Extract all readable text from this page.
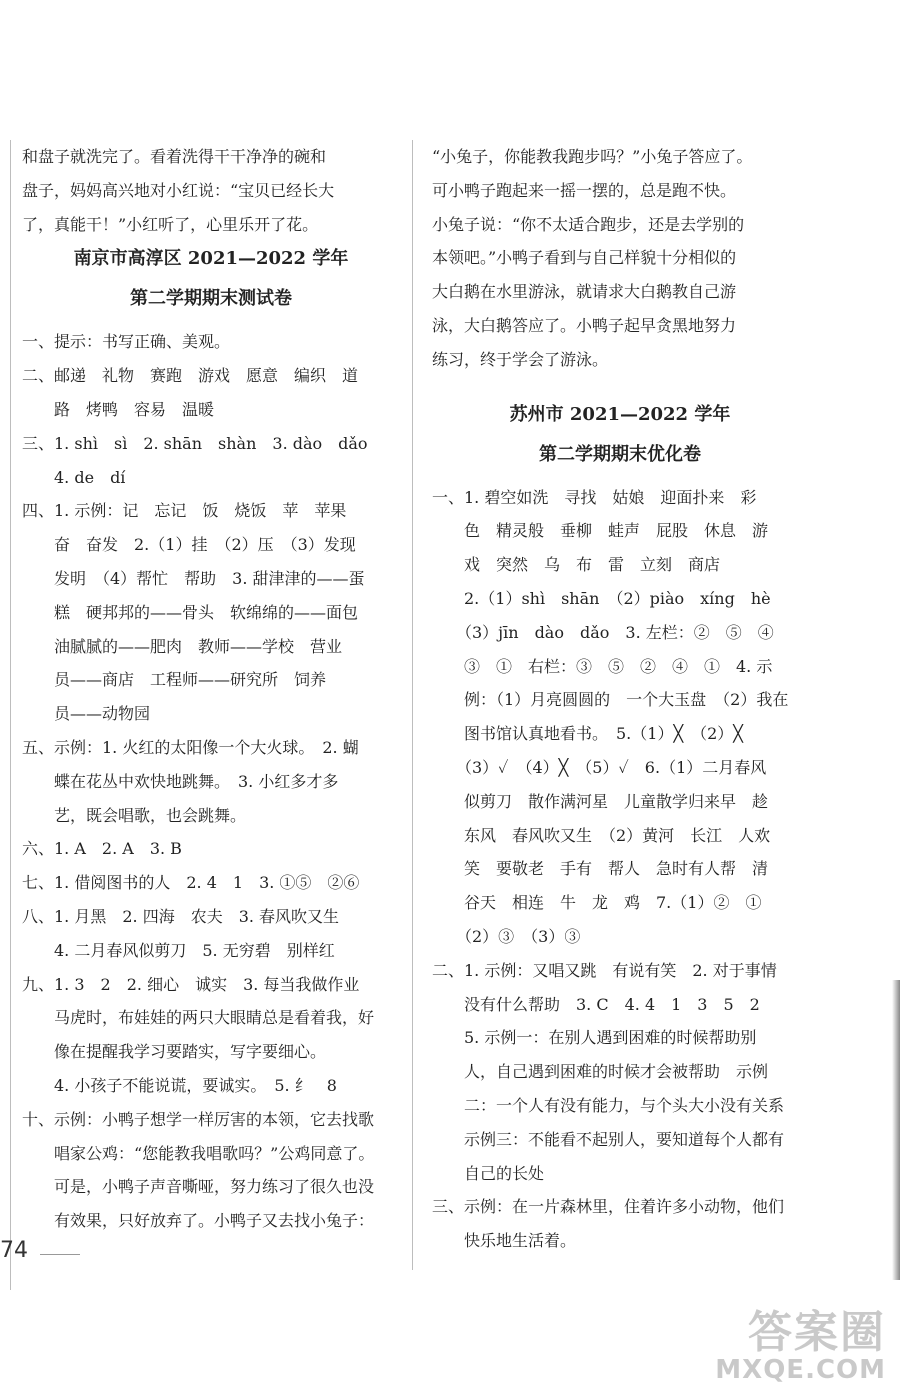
和盘子就洗完了。看着洗得干干净净的碗和
盘子，妈妈高兴地对小红说：“宝贝已经长大
了，真能干！”小红听了，心里乐开了花。
南京市高淳区 2021—2022 学年
第二学期期末测试卷
一、提示：书写正确、美观。
二、邮递　礼物　赛跑　游戏　愿意　编织　道
　　路　烤鸭　容易　温暖
三、1. shì　sì　2. shān　shàn　3. dào　dǎo
　　4. de　dí
四、1. 示例：记　忘记　饭　烧饭　苹　苹果
　　奋　奋发　2.（1）挂　（2）压　（3）发现
　　发明　（4）帮忙　帮助　3. 甜津津的——蛋
　　糕　硬邦邦的——骨头　软绵绵的——面包
　　油腻腻的——肥肉　教师——学校　营业
　　员——商店　工程师——研究所　饲养
　　员——动物园
五、示例：1. 火红的太阳像一个大火球。　2. 蝴
　　蝶在花丛中欢快地跳舞。　3. 小红多才多
　　艺，既会唱歌，也会跳舞。
六、1. A　2. A　3. B
七、1. 借阅图书的人　2. 4　1　3. ①⑤　②⑥
八、1. 月黑　2. 四海　农夫　3. 春风吹又生
　　4. 二月春风似剪刀　5. 无穷碧　别样红
九、1. 3　2　2. 细心　诚实　3. 每当我做作业
　　马虎时，布娃娃的两只大眼睛总是看着我，好
　　像在提醒我学习要踏实，写字要细心。
　　4. 小孩子不能说谎，要诚实。　5. 纟　8
十、示例：小鸭子想学一样厉害的本领，它去找歌
　　唱家公鸡：“您能教我唱歌吗？”公鸡同意了。
　　可是，小鸭子声音嘶哑，努力练习了很久也没
　　有效果，只好放弃了。小鸭子又去找小兔子：
“小兔子，你能教我跑步吗？”小兔子答应了。
可小鸭子跑起来一摇一摆的，总是跑不快。
小兔子说：“你不太适合跑步，还是去学别的
本领吧。”小鸭子看到与自己样貌十分相似的
大白鹅在水里游泳，就请求大白鹅教自己游
泳，大白鹅答应了。小鸭子起早贪黑地努力
练习，终于学会了游泳。
苏州市 2021—2022 学年
第二学期期末优化卷
一、1. 碧空如洗　寻找　姑娘　迎面扑来　彩
　　色　精灵般　垂柳　蛙声　屁股　休息　游
　　戏　突然　乌　布　雷　立刻　商店
　　2.（1）shì　shān　（2）piào　xíng　hè
　　（3）jīn　dào　dǎo　3. 左栏：②　⑤　④
　　③　①　右栏：③　⑤　②　④　①　4. 示
　　例：（1）月亮圆圆的　一个大玉盘　（2）我在
　　图书馆认真地看书。　5.（1）╳　（2）╳
　　（3）✓　（4）╳　（5）✓　6.（1）二月春风
　　似剪刀　散作满河星　儿童散学归来早　趁
　　东风　春风吹又生　（2）黄河　长江　人欢
　　笑　要敬老　手有　帮人　急时有人帮　清
　　谷天　相连　牛　龙　鸡　7.（1）②　①
　　（2）③　（3）③
二、1. 示例：又唱又跳　有说有笑　2. 对于事情
　　没有什么帮助　3. C　4. 4　1　3　5　2
　　5. 示例一：在别人遇到困难的时候帮助别
　　人，自己遇到困难的时候才会被帮助　示例
　　二：一个人有没有能力，与个头大小没有关系
　　示例三：不能看不起别人，要知道每个人都有
　　自己的长处
三、示例：在一片森林里，住着许多小动物，他们
　　快乐地生活着。
74
答案圈
MXQE.COM
